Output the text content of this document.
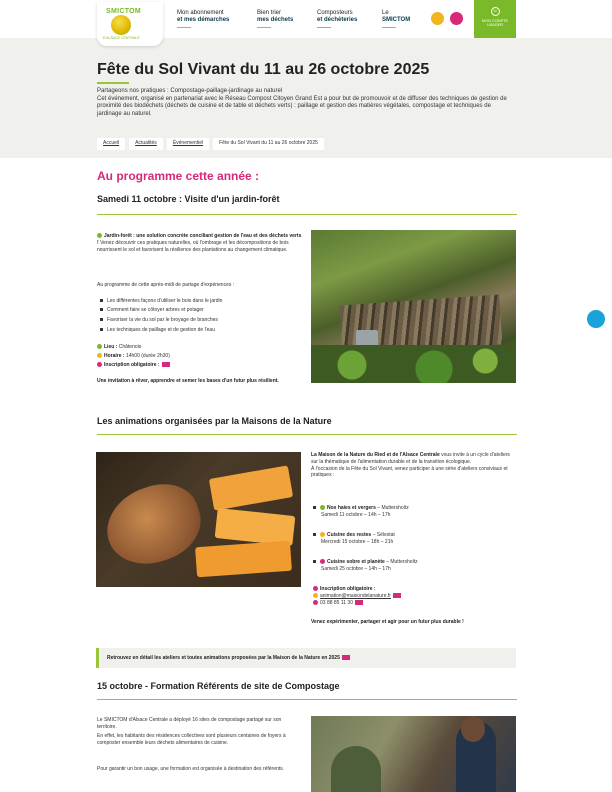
SMICTOM
D'ALSACE CENTRALE
Mon abonnement
et mes démarches
Bien trier
mes déchets
Composteurs
et déchèteries
Le
SMICTOM
☺
MON COMPTE USAGER
Fête du Sol Vivant du 11 au 26 octobre 2025
Partageons nos pratiques : Compostage-paillage-jardinage au naturel
Cet événement, organisé en partenariat avec le Réseau Compost Citoyen Grand Est a pour but de promouvoir et de diffuser des techniques de gestion de proximité des biodéchets (déchets de cuisine et de table et déchets verts) : paillage et gestion des matières végétales, compostage et techniques de jardinage au naturel.
Accueil	Actualités	Événementiel	Fête du Sol Vivant du 11 au 26 octobre 2025
Au programme cette année :
Samedi 11 octobre : Visite d'un jardin-forêt
Jardin-forêt : une solution concrète conciliant gestion de l'eau et des déchets verts ! Venez découvrir ces pratiques naturelles, où l'ombrage et les décompositions de bois nourrissent le sol et favorisent la résilience des plantations au changement climatique.
Au programme de cette après-midi de partage d'expériences :
Les différentes façons d'utiliser le bois dans le jardin
Comment faire se côtoyer arbres et potager
Favoriser la vie du sol par le broyage de branches
Les techniques de paillage et de gestion de l'eau
Lieu : Châtenois
Horaire : 14h00 (durée 2h30)
Inscription obligatoire :
Une invitation à rêver, apprendre et semer les bases d'un futur plus résilient.
Les animations organisées par la Maisons de la Nature
La Maison de la Nature du Ried et de l'Alsace Centrale vous invite à un cycle d'ateliers sur la thématique de l'alimentation durable et de la transition écologique.
À l'occasion de la Fête du Sol Vivant, venez participer à une série d'ateliers conviviaux et pratiques :
Nos haies et vergers – Muttersholtz
Samedi 11 octobre – 14h – 17h
Cuisine des restes – Sélestat
Mercredi 15 octobre – 18h – 21h
Cuisine sobre et planète – Muttersholtz
Samedi 25 octobre – 14h – 17h
Inscription obligatoire :
animation@maisondelanature.fr
03 88 85 11 30
Venez expérimenter, partager et agir pour un futur plus durable !
Retrouvez en détail les ateliers et toutes animations proposées par la Maison de la Nature en 2025
15 octobre - Formation Référents de site de Compostage
Le SMICTOM d'Alsace Centrale a déployé 16 sites de compostage partagé sur son territoire.
En effet, les habitants des résidences collectives sont plusieurs centaines de foyers à composter ensemble leurs déchets alimentaires de cuisine.
Pour garantir un bon usage, une formation est organisée à destination des référents.
